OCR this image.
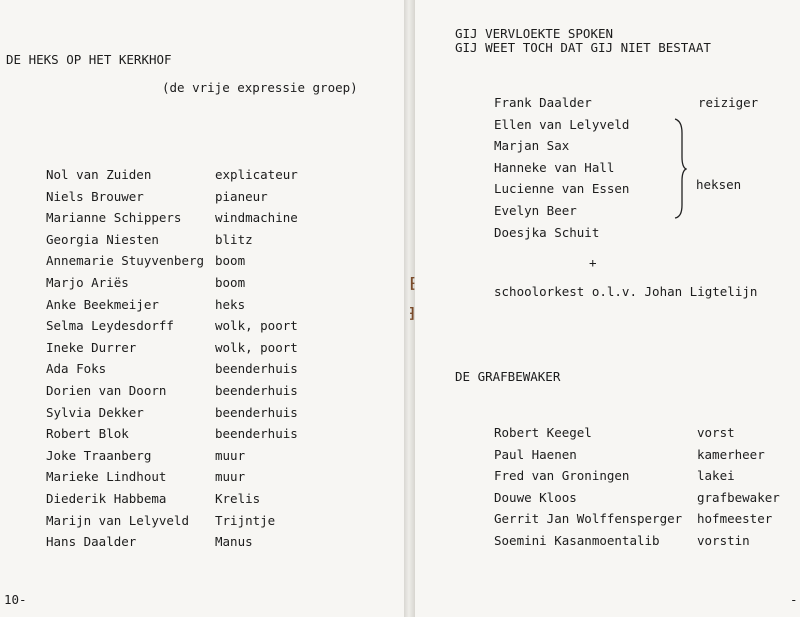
⁅
⁆
DE HEKS OP HET KERKHOF
(de vrije expressie groep)
Nol van Zuiden	explicateur
Niels Brouwer	pianeur
Marianne Schippers	windmachine
Georgia Niesten	blitz
Annemarie Stuyvenberg boom
Marjo Ariës	boom
Anke Beekmeijer	heks
Selma Leydesdorff	wolk, poort
Ineke Durrer	wolk, poort
Ada Foks	beenderhuis
Dorien van Doorn	beenderhuis
Sylvia Dekker	beenderhuis
Robert Blok	beenderhuis
Joke Traanberg	muur
Marieke Lindhout	muur
Diederik Habbema	Krelis
Marijn van Lelyveld Trijntje
Hans Daalder	Manus
10-
GIJ VERVLOEKTE SPOKEN
GIJ WEET TOCH DAT GIJ NIET BESTAAT
Frank Daalder	reiziger
Ellen van Lelyveld
Marjan Sax
Hanneke van Hall
Lucienne van Essen
Evelyn Beer
Doesjka Schuit
heksen
+
schoolorkest o.l.v. Johan Ligtelijn
DE GRAFBEWAKER
Robert Keegel	vorst
Paul Haenen	kamerheer
Fred van Groningen	lakei
Douwe Kloos	grafbewaker
Gerrit Jan Wolffensperger hofmeester
Soemini Kasanmoentalib	vorstin
-
